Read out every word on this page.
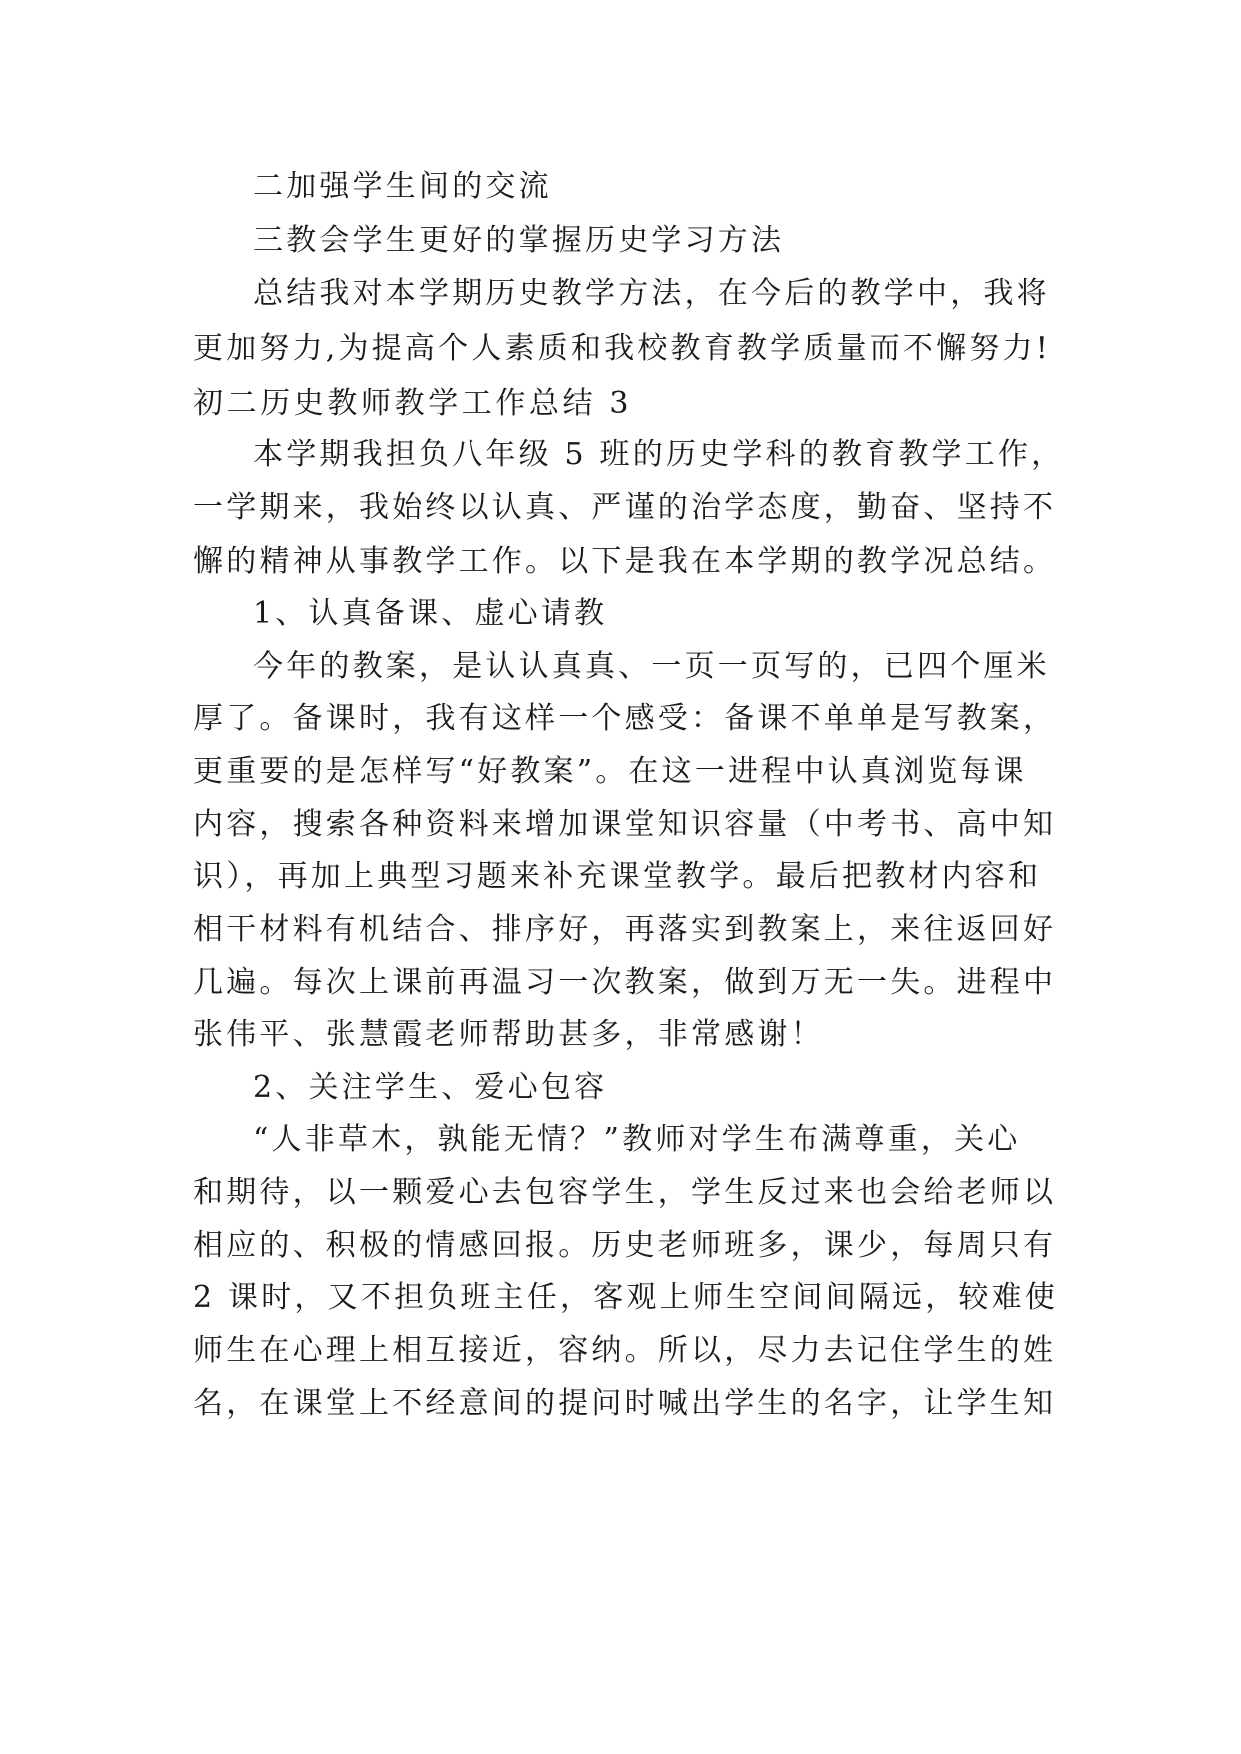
二加强学生间的交流
三教会学生更好的掌握历史学习方法
总结我对本学期历史教学方法，在今后的教学中，我将
更加努力,为提高个人素质和我校教育教学质量而不懈努力!
初二历史教师教学工作总结 3
本学期我担负八年级 5 班的历史学科的教育教学工作，
一学期来，我始终以认真、严谨的治学态度，勤奋、坚持不
懈的精神从事教学工作。以下是我在本学期的教学况总结。
1、认真备课、虚心请教
今年的教案，是认认真真、一页一页写的，已四个厘米
厚了。备课时，我有这样一个感受：备课不单单是写教案，
更重要的是怎样写“好教案”。在这一进程中认真浏览每课
内容，搜索各种资料来增加课堂知识容量（中考书、高中知
识），再加上典型习题来补充课堂教学。最后把教材内容和
相干材料有机结合、排序好，再落实到教案上，来往返回好
几遍。每次上课前再温习一次教案，做到万无一失。进程中
张伟平、张慧霞老师帮助甚多，非常感谢！
2、关注学生、爱心包容
“人非草木，孰能无情？”教师对学生布满尊重，关心
和期待，以一颗爱心去包容学生，学生反过来也会给老师以
相应的、积极的情感回报。历史老师班多，课少，每周只有
2 课时，又不担负班主任，客观上师生空间间隔远，较难使
师生在心理上相互接近，容纳。所以，尽力去记住学生的姓
名，在课堂上不经意间的提问时喊出学生的名字，让学生知
